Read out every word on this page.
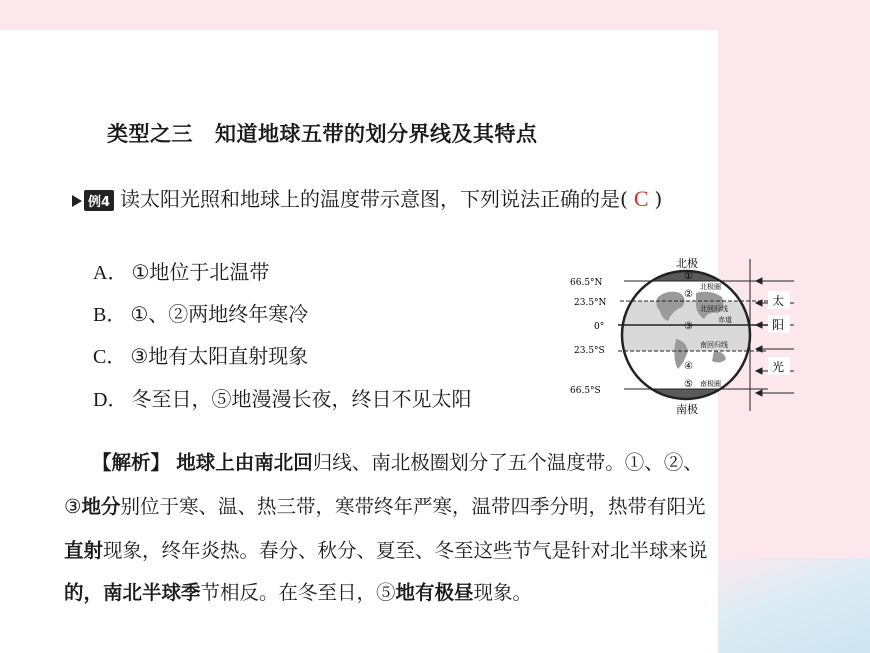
类型之三 知道地球五带的划分界线及其特点
例4 读太阳光照和地球上的温度带示意图，下列说法正确的是( C )
A． ①地位于北温带
B． ①、②两地终年寒冷
C． ③地有太阳直射现象
D． 冬至日，⑤地漫漫长夜，终日不见太阳
北极
南极
66.5°N
23.5°N
0°
23.5°S
66.5°S
北极圈
北回归线
赤道
南回归线
南极圈
①
②
③
④
⑤
太
阳
光
【解析】 地球上由南北回归线、南北极圈划分了五个温度带。①、②、
③地分别位于寒、温、热三带，寒带终年严寒，温带四季分明，热带有阳光
直射现象，终年炎热。春分、秋分、夏至、冬至这些节气是针对北半球来说
的，南北半球季节相反。在冬至日，⑤地有极昼现象。
